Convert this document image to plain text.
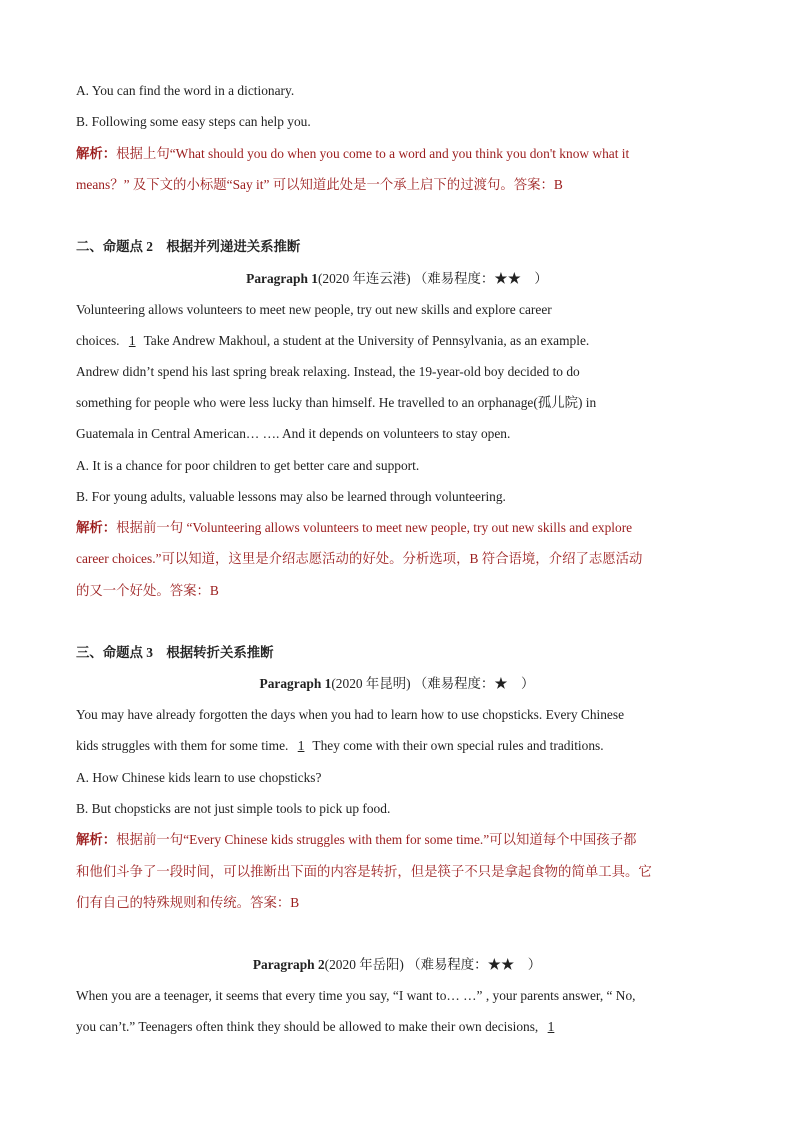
A. You can find the word in a dictionary.
B. Following some easy steps can help you.
解析：根据上句“What should you do when you come to a word and you think you don't know what it
means？” 及下文的小标题“Say it” 可以知道此处是一个承上启下的过渡句。答案：B
二、命题点 2　根据并列递进关系推断
Paragraph 1(2020 年连云港) （难易程度：★★　）
Volunteering allows volunteers to meet new people, try out new skills and explore career
choices. 1 Take Andrew Makhoul, a student at the University of Pennsylvania, as an example.
Andrew didn’t spend his last spring break relaxing. Instead, the 19-year-old boy decided to do
something for people who were less lucky than himself. He travelled to an orphanage(孤儿院) in
Guatemala in Central American… …. And it depends on volunteers to stay open.
A. It is a chance for poor children to get better care and support.
B. For young adults, valuable lessons may also be learned through volunteering.
解析：根据前一句 “Volunteering allows volunteers to meet new people, try out new skills and explore
career choices.”可以知道，这里是介绍志愿活动的好处。分析选项，B 符合语境，介绍了志愿活动
的又一个好处。答案：B
三、命题点 3　根据转折关系推断
Paragraph 1(2020 年昆明) （难易程度：★　）
You may have already forgotten the days when you had to learn how to use chopsticks. Every Chinese
kids struggles with them for some time. 1 They come with their own special rules and traditions.
A. How Chinese kids learn to use chopsticks?
B. But chopsticks are not just simple tools to pick up food.
解析：根据前一句“Every Chinese kids struggles with them for some time.”可以知道每个中国孩子都
和他们斗争了一段时间，可以推断出下面的内容是转折，但是筷子不只是拿起食物的简单工具。它
们有自己的特殊规则和传统。答案：B
Paragraph 2(2020 年岳阳) （难易程度：★★　）
When you are a teenager, it seems that every time you say, “I want to… …” , your parents answer, “ No,
you can’t.” Teenagers often think they should be allowed to make their own decisions, 1
